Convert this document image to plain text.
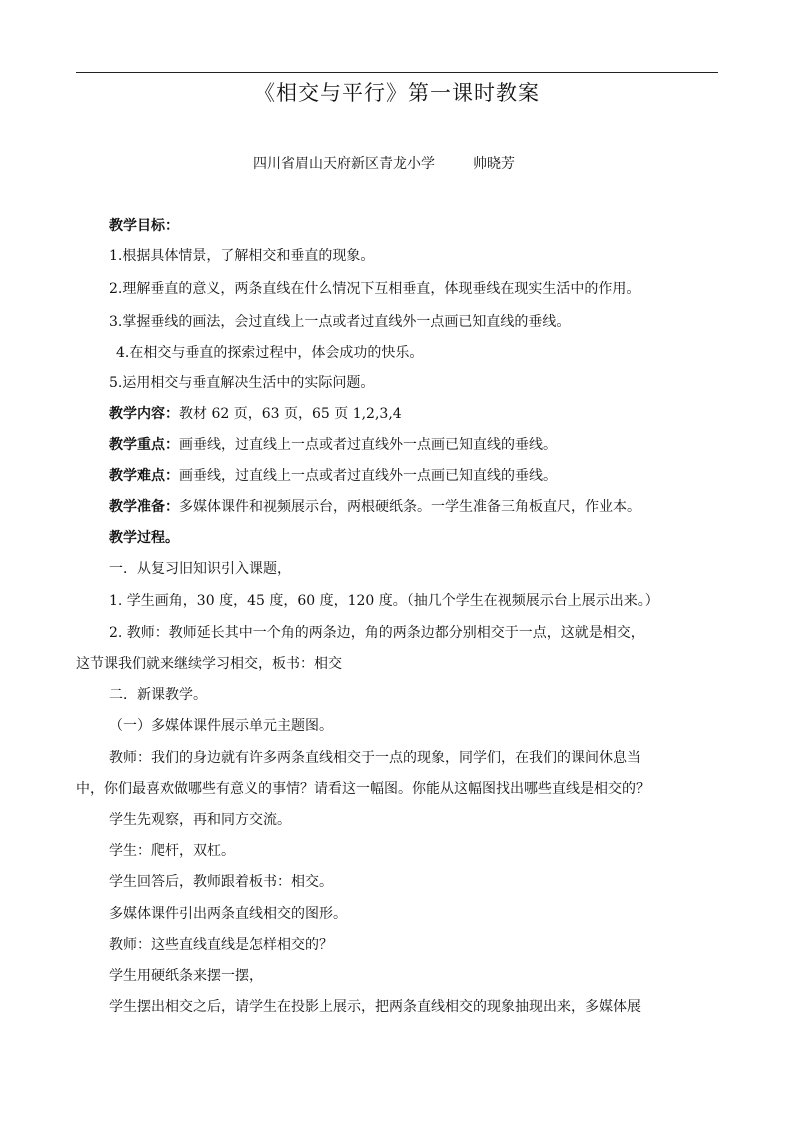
《相交与平行》第一课时教案
四川省眉山天府新区青龙小学	帅晓芳
教学目标：
1.根据具体情景，了解相交和垂直的现象。
2.理解垂直的意义，两条直线在什么情况下互相垂直，体现垂线在现实生活中的作用。
3.掌握垂线的画法，会过直线上一点或者过直线外一点画已知直线的垂线。
4.在相交与垂直的探索过程中，体会成功的快乐。
5.运用相交与垂直解决生活中的实际问题。
教学内容：教材 62 页，63 页，65 页 1,2,3,4
教学重点：画垂线，过直线上一点或者过直线外一点画已知直线的垂线。
教学难点：画垂线，过直线上一点或者过直线外一点画已知直线的垂线。
教学准备：多媒体课件和视频展示台，两根硬纸条。一学生准备三角板直尺，作业本。
教学过程。
一．从复习旧知识引入课题，
1. 学生画角，30 度，45 度，60 度，120 度。（抽几个学生在视频展示台上展示出来。）
2. 教师：教师延长其中一个角的两条边，角的两条边都分别相交于一点，这就是相交，
这节课我们就来继续学习相交，板书：相交
二．新课教学。
（一）多媒体课件展示单元主题图。
教师：我们的身边就有许多两条直线相交于一点的现象，同学们，在我们的课间休息当
中，你们最喜欢做哪些有意义的事情？请看这一幅图。你能从这幅图找出哪些直线是相交的？
学生先观察，再和同方交流。
学生：爬杆，双杠。
学生回答后，教师跟着板书：相交。
多媒体课件引出两条直线相交的图形。
教师：这些直线直线是怎样相交的？
学生用硬纸条来摆一摆，
学生摆出相交之后，请学生在投影上展示，把两条直线相交的现象抽现出来，多媒体展
